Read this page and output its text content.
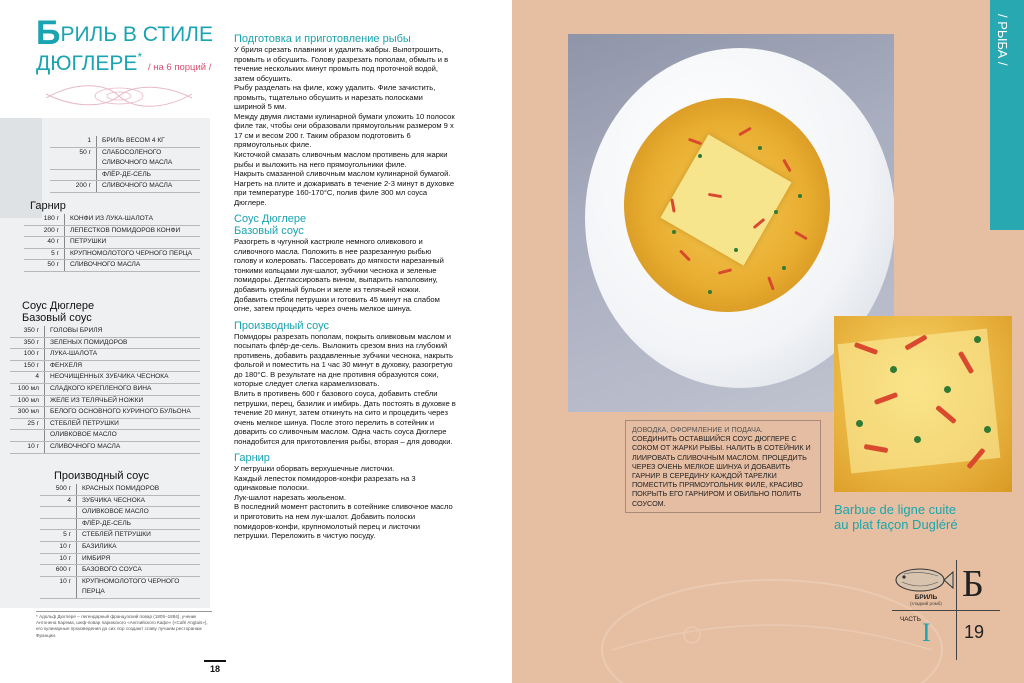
БРИЛЬ В СТИЛЕ
ДЮГЛЕРЕ* / на 6 порций /
1	БРИЛЬ ВЕСОМ 4 КГ
50 г	СЛАБОСОЛЕНОГО СЛИВОЧНОГО МАСЛА
ФЛЁР-ДЕ-СЕЛЬ
200 г	СЛИВОЧНОГО МАСЛА
Гарнир
180 г	КОНФИ ИЗ ЛУКА-ШАЛОТА
200 г	ЛЕПЕСТКОВ ПОМИДОРОВ КОНФИ
40 г	ПЕТРУШКИ
5 г	КРУПНОМОЛОТОГО ЧЕРНОГО ПЕРЦА
50 г	СЛИВОЧНОГО МАСЛА
Соус Дюглере
Базовый соус
350 г	ГОЛОВЫ БРИЛЯ
350 г	ЗЕЛЕНЫХ ПОМИДОРОВ
100 г	ЛУКА-ШАЛОТА
150 г	ФЕНХЕЛЯ
4	НЕОЧИЩЕННЫХ ЗУБЧИКА ЧЕСНОКА
100 мл	СЛАДКОГО КРЕПЛЕНОГО ВИНА
100 мл	ЖЕЛЕ ИЗ ТЕЛЯЧЬЕЙ НОЖКИ
300 мл	БЕЛОГО ОСНОВНОГО КУРИНОГО БУЛЬОНА
25 г	СТЕБЛЕЙ ПЕТРУШКИ
ОЛИВКОВОЕ МАСЛО
10 г	СЛИВОЧНОГО МАСЛА
Производный соус
500 г	КРАСНЫХ ПОМИДОРОВ
4	ЗУБЧИКА ЧЕСНОКА
ОЛИВКОВОЕ МАСЛО
ФЛЁР-ДЕ-СЕЛЬ
5 г	СТЕБЛЕЙ ПЕТРУШКИ
10 г	БАЗИЛИКА
10 г	ИМБИРЯ
600 г	БАЗОВОГО СОУСА
10 г	КРУПНОМОЛОТОГО ЧЕРНОГО ПЕРЦА
* Адольф Дюглере – легендарный французский повар (1805–1884), ученик Антонена Карема, шеф-повар парижского «Английского Кафе» («Café Anglais»), его кулинарные произведения до сих пор создают славу лучшим ресторанам Франции.
Подготовка и приготовление рыбы

У бриля срезать плавники и удалить жабры. Выпотрошить, промыть и обсушить. Голову разрезать пополам, обмыть и в течение нескольких минут промыть под проточной водой, затем обсушить.

Рыбу разделать на филе, кожу удалить. Филе зачистить, промыть, тщательно обсушить и нарезать полосками шириной 5 мм.

Между двумя листами кулинарной бумаги уложить 10 полосок филе так, чтобы они образовали прямоугольник размером 9 х 17 см и весом 200 г. Таким образом подготовить 6 прямоугольных филе.

Кисточкой смазать сливочным маслом противень для жарки рыбы и выложить на него прямоугольники филе.

Накрыть смазанной сливочным маслом кулинарной бумагой. Нагреть на плите и дожаривать в течение 2-3 минут в духовке при температуре 160-170°С, полив филе 300 мл соуса Дюглере.

Соус Дюглере
Базовый соус

Разогреть в чугунной кастрюле немного оливкового и сливочного масла. Положить в нее разрезанную рыбью голову и колеровать. Пассеровать до мягкости нарезанный тонкими кольцами лук-шалот, зубчики чеснока и зеленые помидоры. Деглассировать вином, выпарить наполовину, добавить куриный бульон и желе из телячьей ножки. Добавить стебли петрушки и готовить 45 минут на слабом огне, затем процедить через очень мелкое шинуа.

Производный соус

Помидоры разрезать пополам, покрыть оливковым маслом и посыпать флёр-де-сель. Выложить срезом вниз на глубокий противень, добавить раздавленные зубчики чеснока, накрыть фольгой и поместить на 1 час 30 минут в духовку, разогретую до 180°С. В результате на дне противня образуются соки, которые следует слегка карамелизовать.

Влить в противень 600 г базового соуса, добавить стебли петрушки, перец, базилик и имбирь. Дать постоять в духовке в течение 20 минут, затем откинуть на сито и процедить через очень мелкое шинуа. После этого перелить в сотейник и доварить со сливочным маслом. Одна часть соуса Дюглере понадобится для приготовления рыбы, вторая – для доводки.

Гарнир

У петрушки оборвать верхушечные листочки.

Каждый лепесток помидоров-конфи разрезать на 3 одинаковые полоски.

Лук-шалот нарезать жюльеном.

В последний момент растопить в сотейнике сливочное масло и приготовить на нем лук-шалот. Добавить полоски помидоров-конфи, крупномолотый перец и листочки петрушки. Переложить в чистую посуду.

18
ДОВОДКА, ОФОРМЛЕНИЕ И ПОДАЧА.
СОЕДИНИТЬ ОСТАВШИЙСЯ СОУС ДЮГЛЕРЕ С СОКОМ ОТ ЖАРКИ РЫБЫ. НАЛИТЬ В СОТЕЙНИК И ЛИИРОВАТЬ СЛИВОЧНЫМ МАСЛОМ. ПРОЦЕДИТЬ ЧЕРЕЗ ОЧЕНЬ МЕЛКОЕ ШИНУА И ДОБАВИТЬ ГАРНИР. В СЕРЕДИНУ КАЖДОЙ ТАРЕЛКИ ПОМЕСТИТЬ ПРЯМОУГОЛЬНИК ФИЛЕ, КРАСИВО ПОКРЫТЬ ЕГО ГАРНИРОМ И ОБИЛЬНО ПОЛИТЬ СОУСОМ.	Barbue de ligne cuite au plat façon Dugléré
/ РЫБА /
БРИЛЬ
(гладкий ромб) Б
ЧАСТЬ I 19
